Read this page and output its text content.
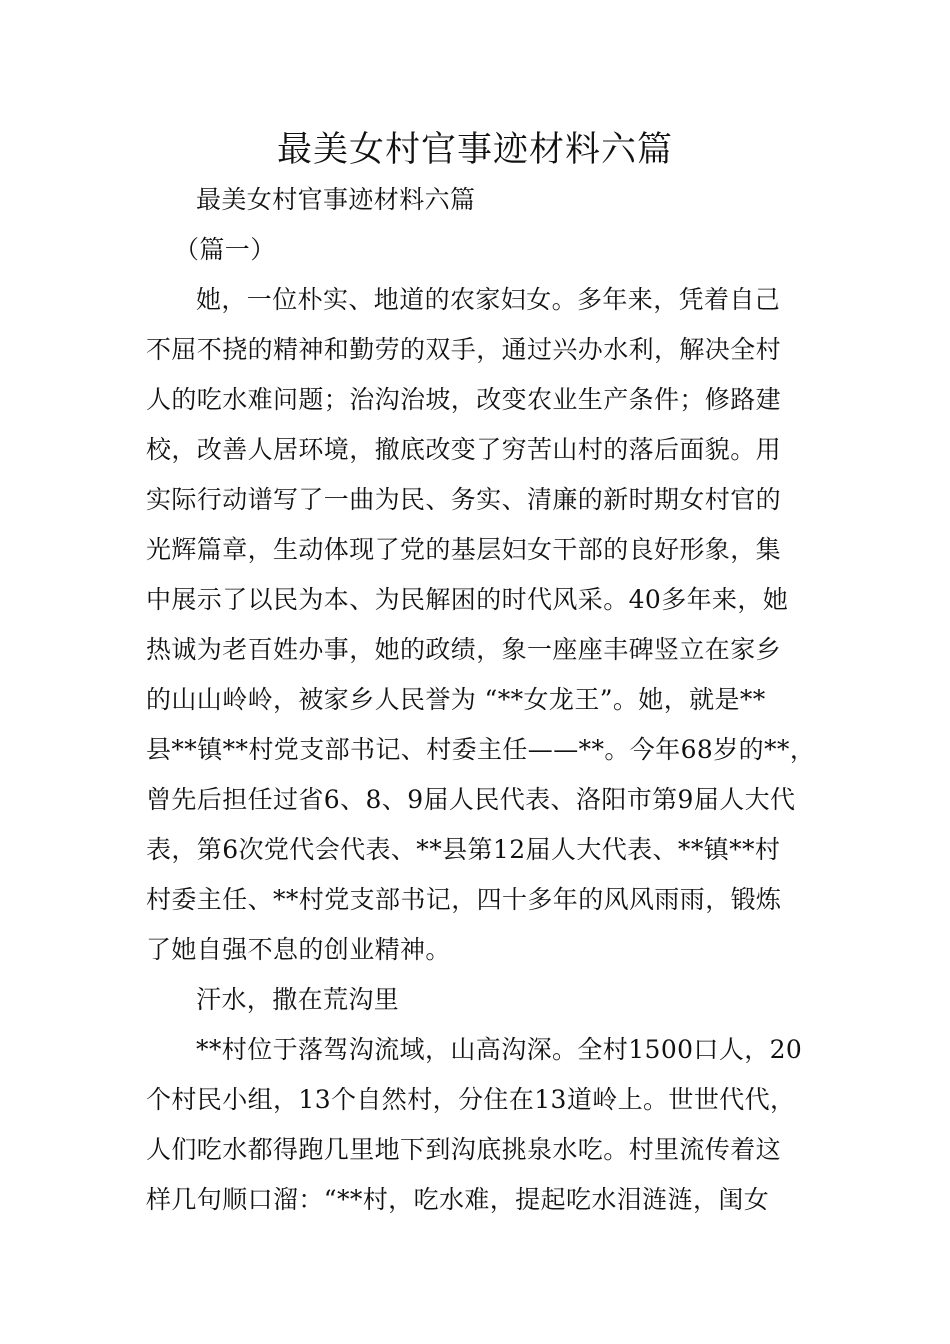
最美女村官事迹材料六篇
最美女村官事迹材料六篇
（篇一）
她，一位朴实、地道的农家妇女。多年来，凭着自己
不屈不挠的精神和勤劳的双手，通过兴办水利，解决全村
人的吃水难问题；治沟治坡，改变农业生产条件；修路建
校，改善人居环境，撤底改变了穷苦山村的落后面貌。用
实际行动谱写了一曲为民、务实、清廉的新时期女村官的
光辉篇章，生动体现了党的基层妇女干部的良好形象，集
中展示了以民为本、为民解困的时代风采。40多年来，她
热诚为老百姓办事，她的政绩，象一座座丰碑竖立在家乡
的山山岭岭，被家乡人民誉为 “**女龙王”。她，就是**
县**镇**村党支部书记、村委主任——**。今年68岁的**，
曾先后担任过省6、8、9届人民代表、洛阳市第9届人大代
表，第6次党代会代表、**县第12届人大代表、**镇**村
村委主任、**村党支部书记，四十多年的风风雨雨，锻炼
了她自强不息的创业精神。
汗水，撒在荒沟里
**村位于落驾沟流域，山高沟深。全村1500口人，20
个村民小组，13个自然村，分住在13道岭上。世世代代，
人们吃水都得跑几里地下到沟底挑泉水吃。村里流传着这
样几句顺口溜：“**村，吃水难，提起吃水泪涟涟，闺女
